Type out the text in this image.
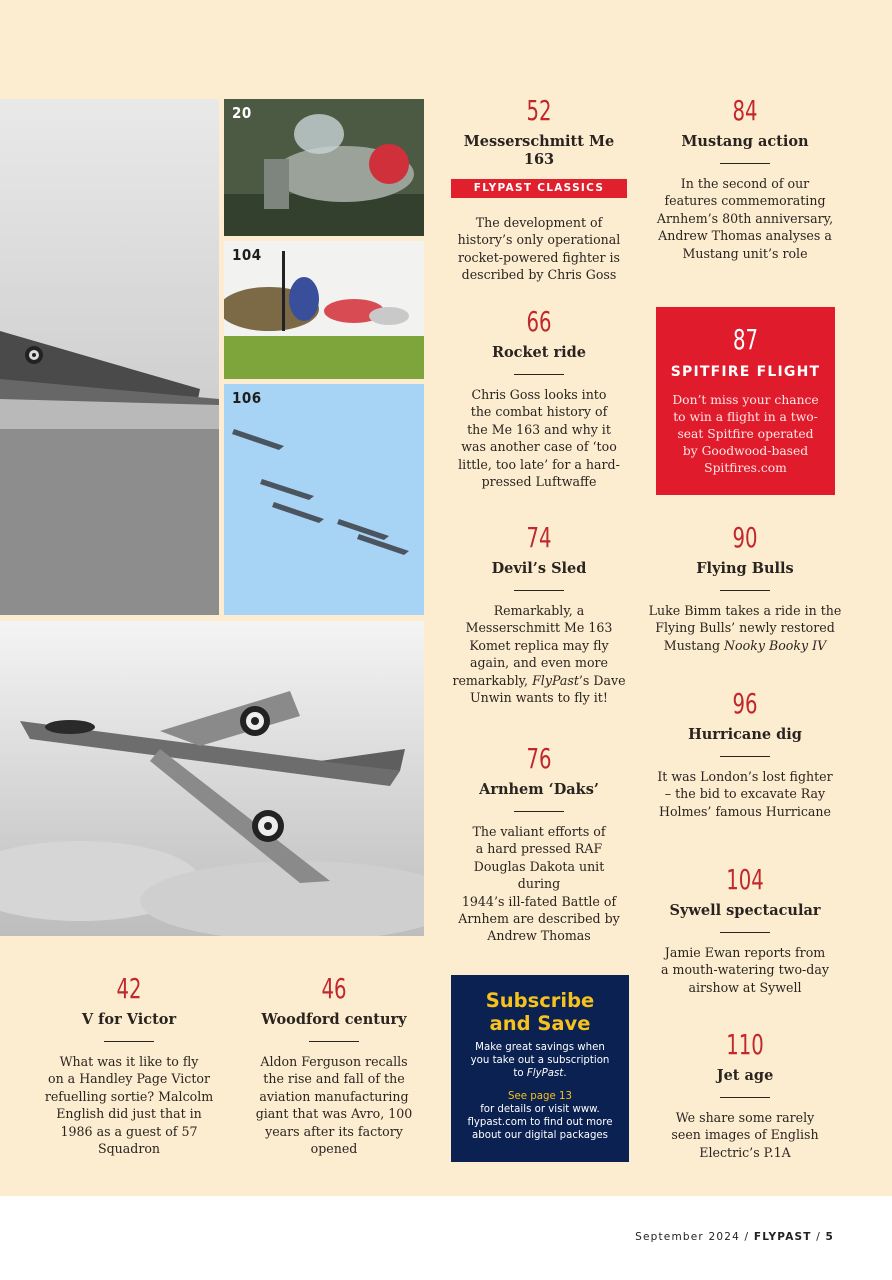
20
104
106
52
Messerschmitt Me 163
FLYPAST CLASSICS
The development of
history’s only operational
rocket-powered fighter is
described by Chris Goss
66
Rocket ride
Chris Goss looks into
the combat history of
the Me 163 and why it
was another case of ‘too
little, too late’ for a hard-
pressed Luftwaffe
74
Devil’s Sled
Remarkably, a
Messerschmitt Me 163
Komet replica may fly
again, and even more
remarkably, FlyPast’s Dave
Unwin wants to fly it!
76
Arnhem ‘Daks’
The valiant efforts of
a hard pressed RAF
Douglas Dakota unit during
1944’s ill-fated Battle of
Arnhem are described by
Andrew Thomas
84
Mustang action
In the second of our
features commemorating
Arnhem’s 80th anniversary,
Andrew Thomas analyses a
Mustang unit’s role
87
SPITFIRE FLIGHT
Don’t miss your chance
to win a flight in a two-
seat Spitfire operated
by Goodwood-based
Spitfires.com
90
Flying Bulls
Luke Bimm takes a ride in the
Flying Bulls’ newly restored
Mustang Nooky Booky IV
96
Hurricane dig
It was London’s lost fighter
– the bid to excavate Ray
Holmes’ famous Hurricane
104
Sywell spectacular
Jamie Ewan reports from
a mouth-watering two-day
airshow at Sywell
110
Jet age
We share some rarely
seen images of English
Electric’s P.1A
42
V for Victor
What was it like to fly
on a Handley Page Victor
refuelling sortie? Malcolm
English did just that in
1986 as a guest of 57
Squadron
46
Woodford century
Aldon Ferguson recalls
the rise and fall of the
aviation manufacturing
giant that was Avro, 100
years after its factory
opened
Subscribe
and Save
Make great savings when
you take out a subscription
to FlyPast.
See page 13
for details or visit www.
flypast.com to find out more
about our digital packages
September 2024 / FLYPAST / 5
